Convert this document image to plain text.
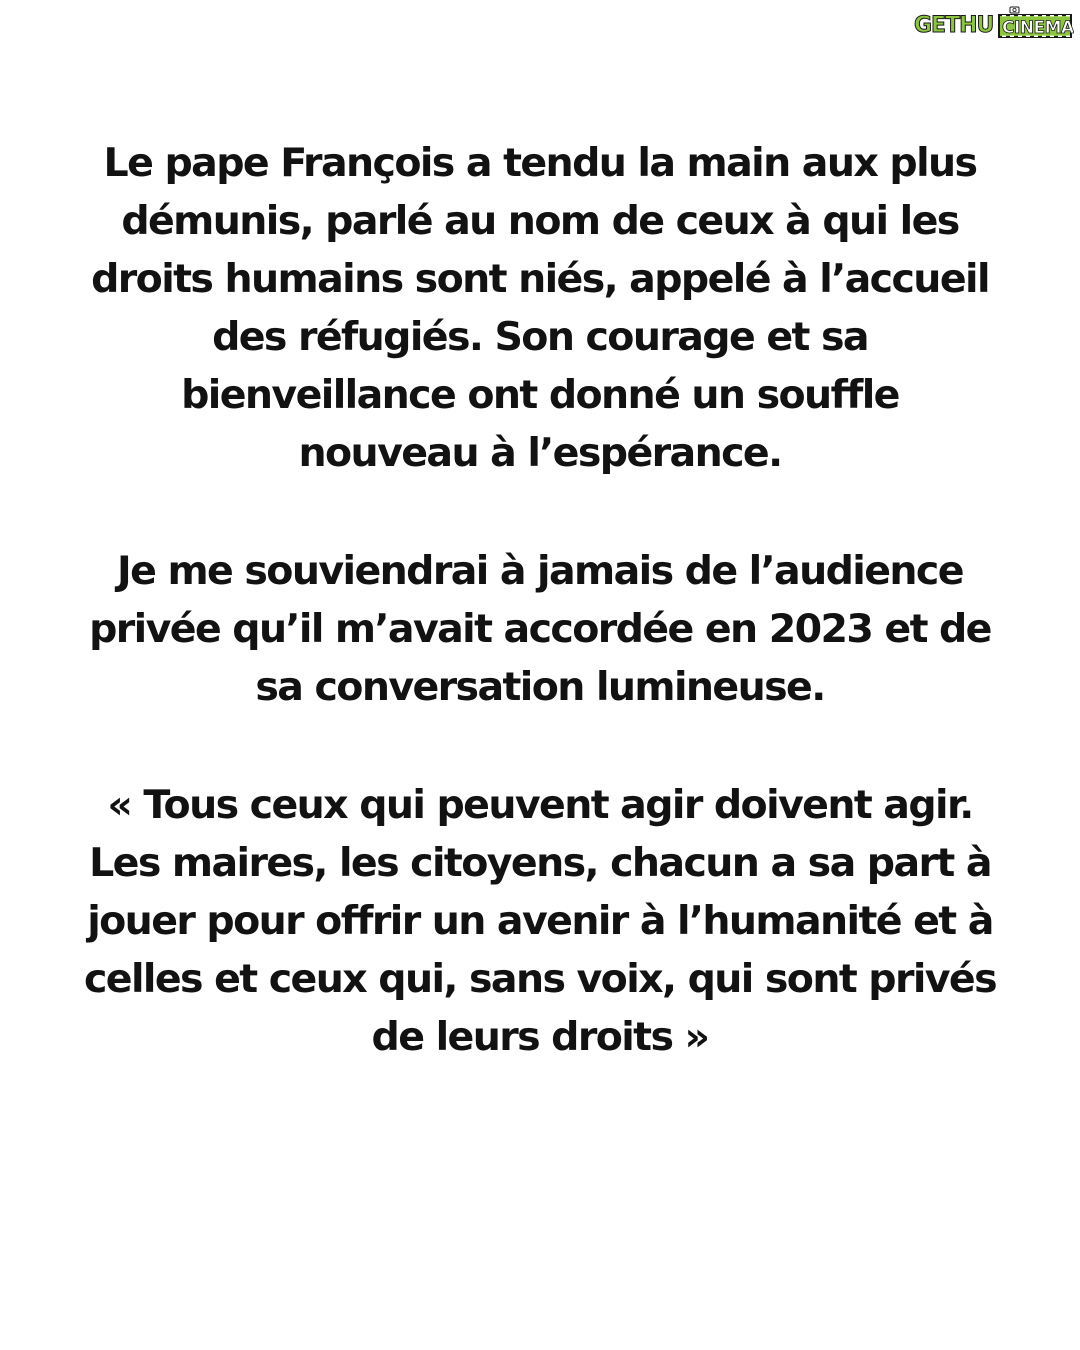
GETHU CINEMA

Le pape François a tendu la main aux plus
démunis, parlé au nom de ceux à qui les
droits humains sont niés, appelé à l’accueil
des réfugiés. Son courage et sa
bienveillance ont donné un souffle
nouveau à l’espérance.

Je me souviendrai à jamais de l’audience
privée qu’il m’avait accordée en 2023 et de
sa conversation lumineuse.

« Tous ceux qui peuvent agir doivent agir.
Les maires, les citoyens, chacun a sa part à
jouer pour offrir un avenir à l’humanité et à
celles et ceux qui, sans voix, qui sont privés
de leurs droits »
